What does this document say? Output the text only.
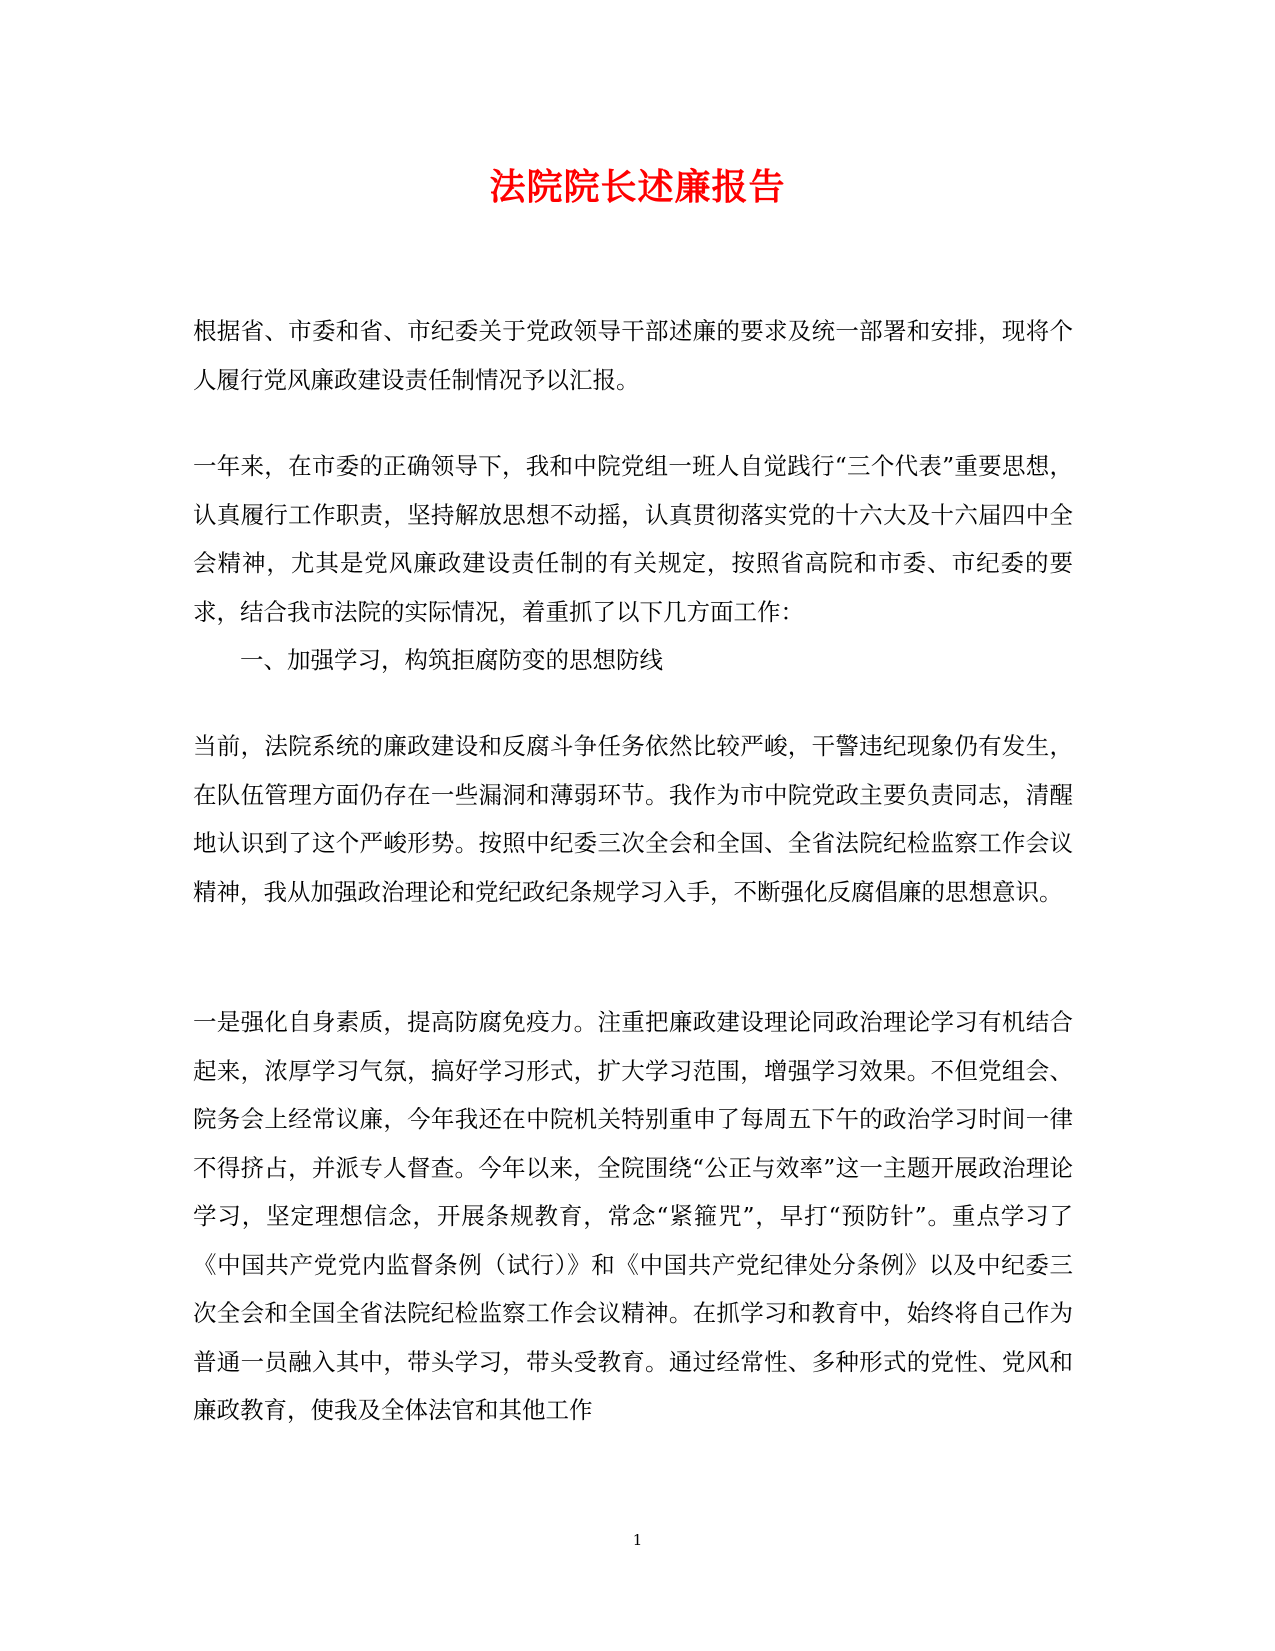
法院院长述廉报告

根据省、市委和省、市纪委关于党政领导干部述廉的要求及统一部署和安排，现将个人履行党风廉政建设责任制情况予以汇报。

一年来，在市委的正确领导下，我和中院党组一班人自觉践行“三个代表”重要思想，认真履行工作职责，坚持解放思想不动摇，认真贯彻落实党的十六大及十六届四中全会精神，尤其是党风廉政建设责任制的有关规定，按照省高院和市委、市纪委的要求，结合我市法院的实际情况，着重抓了以下几方面工作：

一、加强学习，构筑拒腐防变的思想防线

当前，法院系统的廉政建设和反腐斗争任务依然比较严峻，干警违纪现象仍有发生，在队伍管理方面仍存在一些漏洞和薄弱环节。我作为市中院党政主要负责同志，清醒地认识到了这个严峻形势。按照中纪委三次全会和全国、全省法院纪检监察工作会议精神，我从加强政治理论和党纪政纪条规学习入手，不断强化反腐倡廉的思想意识。

一是强化自身素质，提高防腐免疫力。注重把廉政建设理论同政治理论学习有机结合起来，浓厚学习气氛，搞好学习形式，扩大学习范围，增强学习效果。不但党组会、院务会上经常议廉，今年我还在中院机关特别重申了每周五下午的政治学习时间一律不得挤占，并派专人督查。今年以来，全院围绕“公正与效率”这一主题开展政治理论学习，坚定理想信念，开展条规教育，常念“紧箍咒”，早打“预防针”。重点学习了《中国共产党党内监督条例（试行）》和《中国共产党纪律处分条例》以及中纪委三次全会和全国全省法院纪检监察工作会议精神。在抓学习和教育中，始终将自己作为普通一员融入其中，带头学习，带头受教育。通过经常性、多种形式的党性、党风和廉政教育，使我及全体法官和其他工作

1
